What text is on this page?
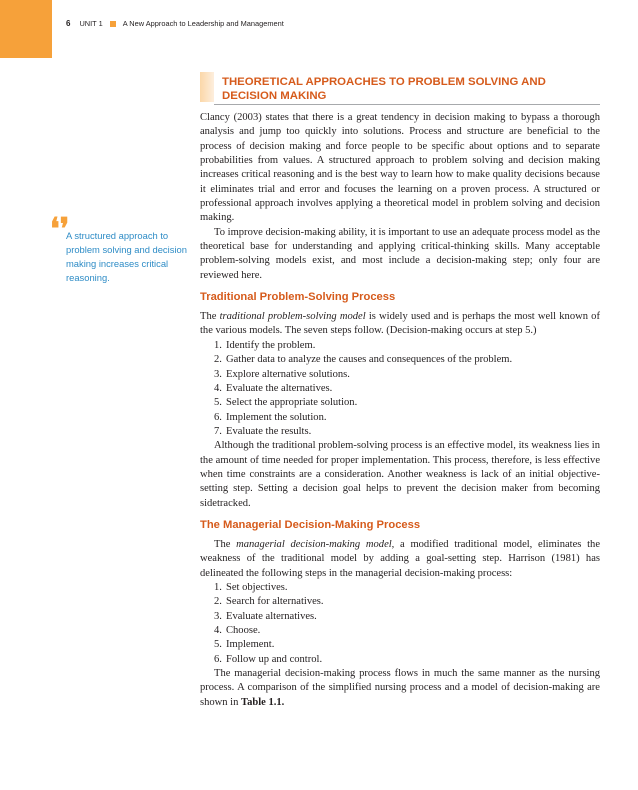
6 UNIT 1	A New Approach to Leadership and Management
THEORETICAL APPROACHES TO PROBLEM SOLVING AND
DECISION MAKING
❛❜
A structured approach to problem solving and decision making increases critical reasoning.

Clancy (2003) states that there is a great tendency in decision making to bypass a thorough analysis and jump too quickly into solutions. Process and structure are beneficial to the process of decision making and force people to be specific about options and to separate probabilities from values. A structured approach to problem solving and decision making increases critical reasoning and is the best way to learn how to make quality decisions because it eliminates trial and error and focuses the learning on a proven process. A structured or professional approach involves applying a theoretical model in problem solving and decision making.

To improve decision-making ability, it is important to use an adequate process model as the theoretical base for understanding and applying critical-thinking skills. Many acceptable problem-solving models exist, and most include a decision-making step; only four are reviewed here.

Traditional Problem-Solving Process

The traditional problem-solving model is widely used and is perhaps the most well known of the various models. The seven steps follow. (Decision-making occurs at step 5.)

1. Identify the problem.
2. Gather data to analyze the causes and consequences of the problem.
3. Explore alternative solutions.
4. Evaluate the alternatives.
5. Select the appropriate solution.
6. Implement the solution.
7. Evaluate the results.

Although the traditional problem-solving process is an effective model, its weakness lies in the amount of time needed for proper implementation. This process, therefore, is less effective when time constraints are a consideration. Another weakness is lack of an initial objective-setting step. Setting a decision goal helps to prevent the decision maker from becoming sidetracked.

The Managerial Decision-Making Process

The managerial decision-making model, a modified traditional model, eliminates the weakness of the traditional model by adding a goal-setting step. Harrison (1981) has delineated the following steps in the managerial decision-making process:

1. Set objectives.
2. Search for alternatives.
3. Evaluate alternatives.
4. Choose.
5. Implement.
6. Follow up and control.

The managerial decision-making process flows in much the same manner as the nursing process. A comparison of the simplified nursing process and a model of decision-making are shown in Table 1.1.
